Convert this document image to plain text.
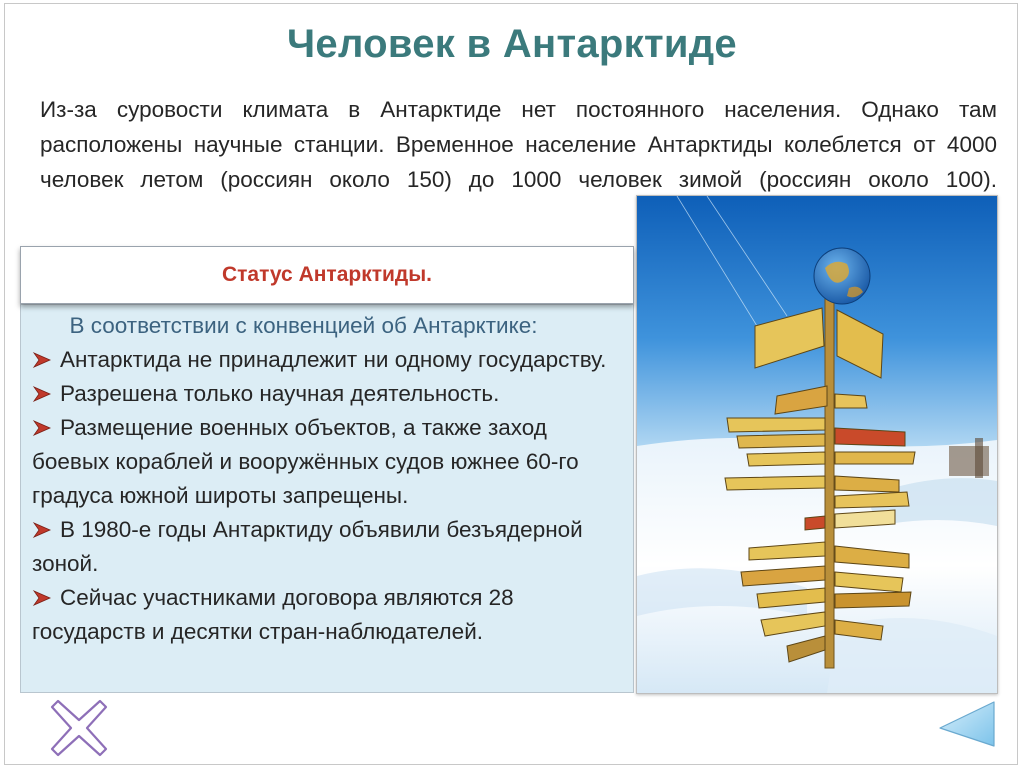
Человек в Антарктиде

Из-за суровости климата в Антарктиде нет постоянного населения. Однако там расположены научные станции. Временное население Антарктиды колеблется от 4000 человек летом (россиян около 150) до 1000 человек зимой (россиян около 100).

Статус Антарктиды.

В соответствии с конвенцией об Антарктике:

Антарктида не принадлежит ни одному государству.
Разрешена только научная деятельность.
Размещение военных объектов, а также заход боевых кораблей и вооружённых судов южнее 60-го градуса южной широты запрещены.
В 1980-е годы Антарктиду объявили безъядерной зоной.
Сейчас участниками договора являются 28 государств и десятки стран-наблюдателей.
